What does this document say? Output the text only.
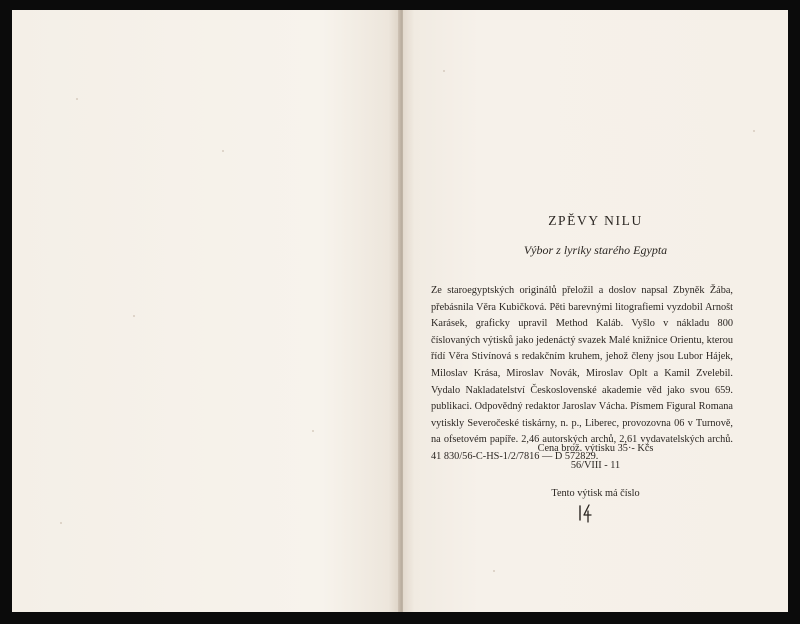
ZPĚVY NILU

Výbor z lyriky starého Egypta

Ze staroegyptských originálů přeložil a doslov napsal Zbyněk Žába, přebásnila Věra Kubičková. Pěti barevnými litografiemi vyzdobil Arnošt Karásek, graficky upravil Method Kaláb. Vyšlo v nákladu 800 číslovaných výtisků jako jedenáctý svazek Malé knižnice Orientu, kterou řídí Věra Stivínová s redakčním kruhem, jehož členy jsou Lubor Hájek, Miloslav Krása, Miroslav Novák, Miroslav Oplt a Kamil Zvelebil. Vydalo Nakladatelství Československé akademie věd jako svou 659. publikaci. Odpovědný redaktor Jaroslav Vácha. Písmem Figural Romana vytiskly Severočeské tiskárny, n. p., Liberec, provozovna 06 v Turnově, na ofsetovém papíře. 2,46 autorských archů, 2,61 vydavatelských archů. 41 830/56-C-HS-1/2/7816 — D 572829.

Cena brož. výtisku 35·- Kčs

56/VIII - 11

Tento výtisk má číslo
